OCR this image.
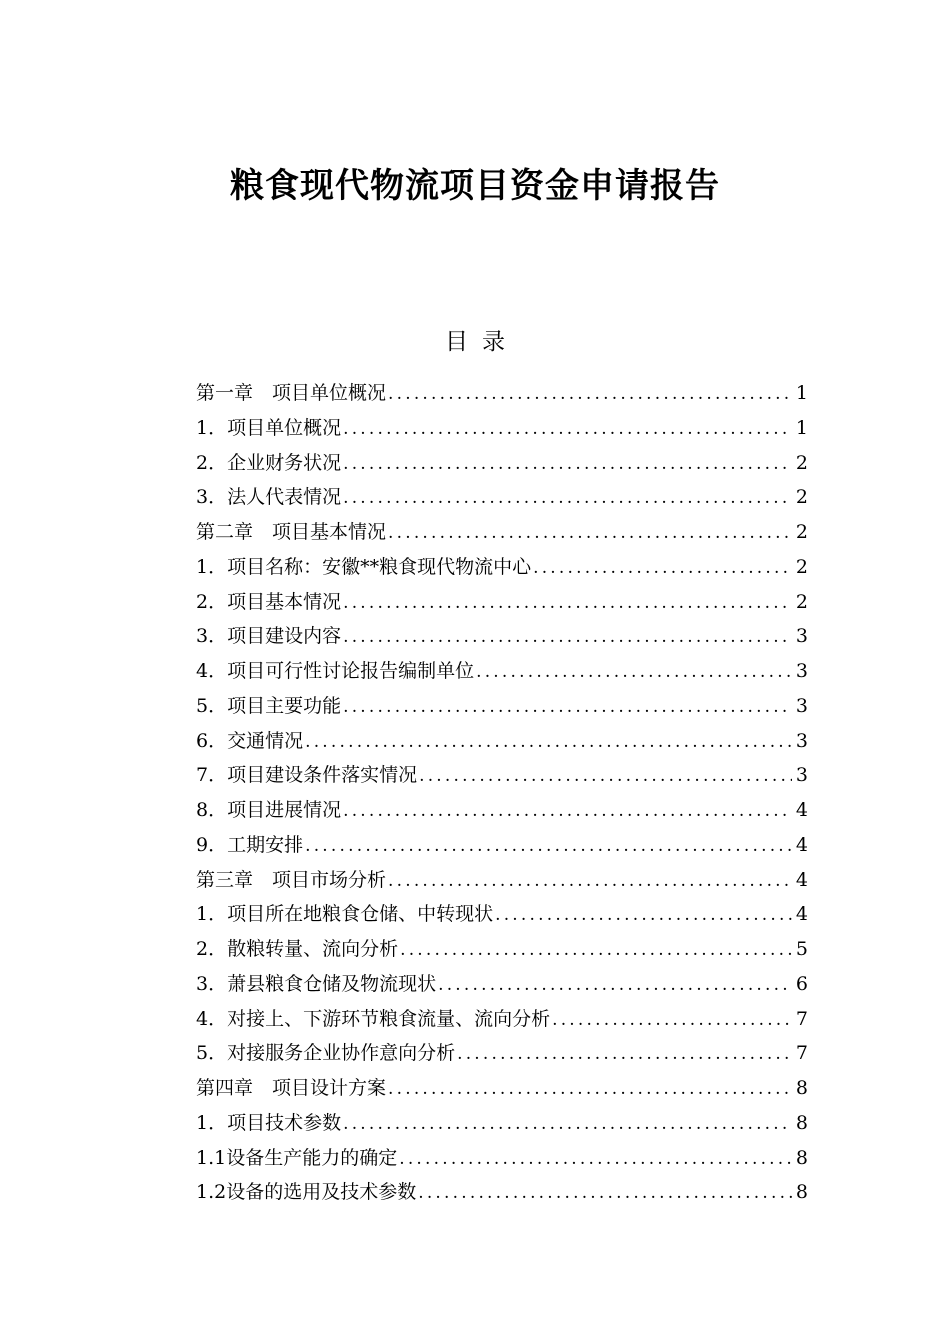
粮食现代物流项目资金申请报告
目录
第一章　项目单位概况 .....	1
1．项目单位概况 .....	1
2．企业财务状况 .....	2
3．法人代表情况 .....	2
第二章　项目基本情况 .....	2
1．项目名称：安徽**粮食现代物流中心 .....	2
2．项目基本情况 .....	2
3．项目建设内容 .....	3
4．项目可行性讨论报告编制单位 .....	3
5．项目主要功能 .....	3
6．交通情况 .....	3
7．项目建设条件落实情况 .....	3
8．项目进展情况 .....	4
9．工期安排 .....	4
第三章　项目市场分析 .....	4
1．项目所在地粮食仓储、中转现状 .....	4
2．散粮转量、流向分析 .....	5
3．萧县粮食仓储及物流现状 .....	6
4．对接上、下游环节粮食流量、流向分析 .....	7
5．对接服务企业协作意向分析 .....	7
第四章　项目设计方案 .....	8
1．项目技术参数 .....	8
1.1设备生产能力的确定 .....	8
1.2设备的选用及技术参数 .....	8
